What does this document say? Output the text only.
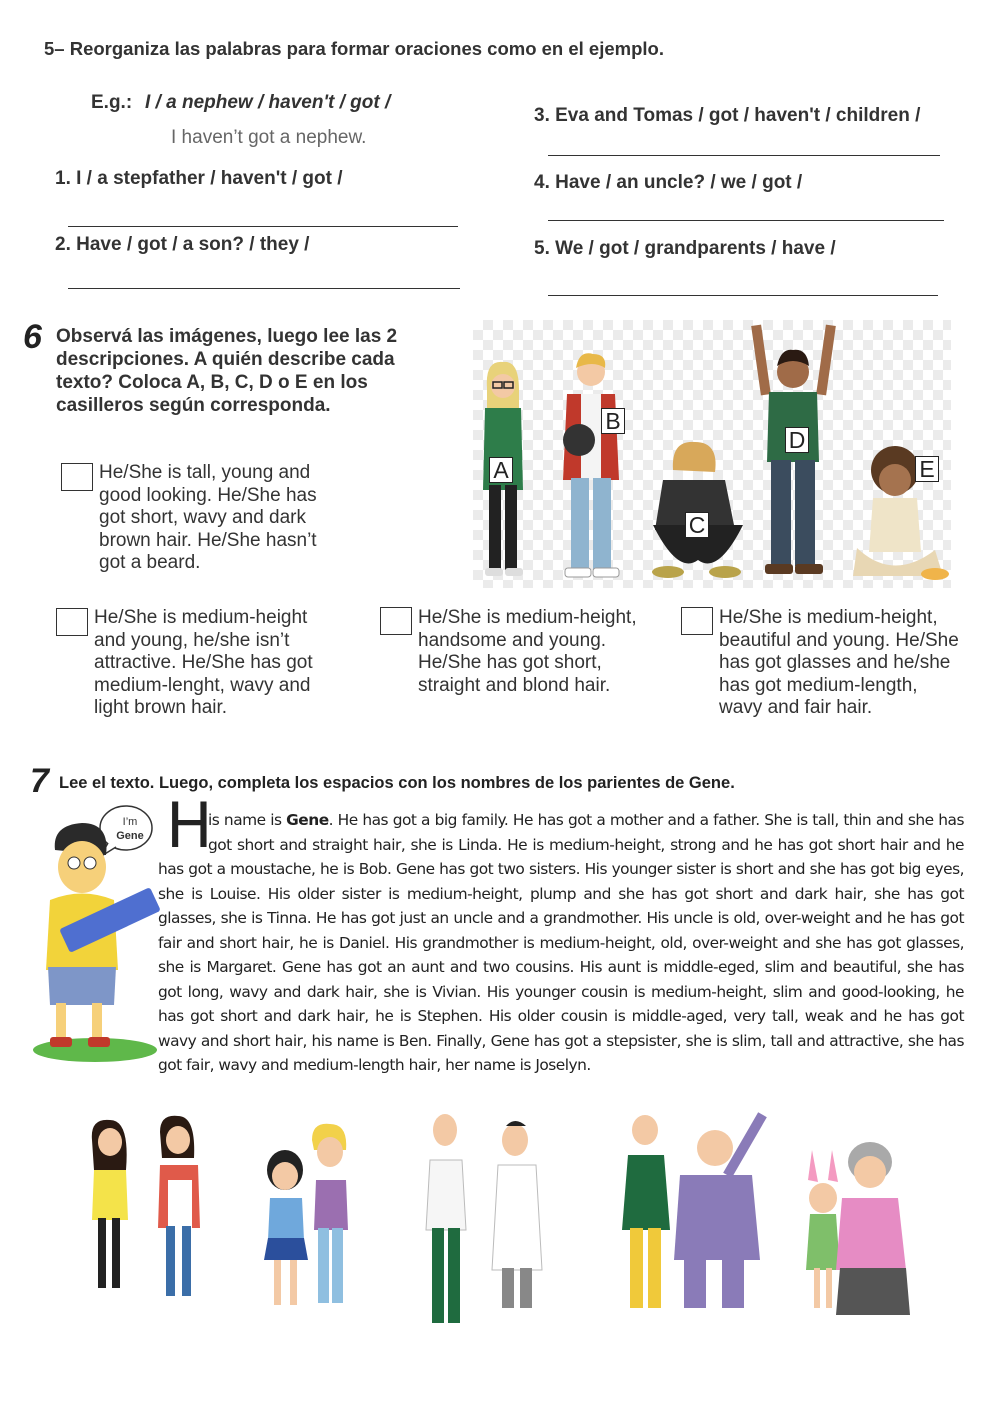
5– Reorganiza las palabras para formar oraciones como en el ejemplo.
E.g.: I / a nephew / haven't / got /
I haven’t got a nephew.
1. I / a stepfather / haven't / got /
2. Have / got / a son? / they /
3. Eva and Tomas / got / haven't / children /
4. Have / an uncle? / we / got /
5. We / got / grandparents / have /
6 Observá las imágenes, luego lee las 2 descripciones. A quién describe cada texto? Coloca A, B, C, D o E en los casilleros según corresponda.
A
B
C
D
E
He/She is tall, young and good looking. He/She has got short, wavy and dark brown hair. He/She hasn’t got a beard.
He/She is medium-height and young, he/she isn’t attractive. He/She has got medium-lenght, wavy and light brown hair.
He/She is medium-height, handsome and young. He/She has got short, straight and blond hair.
He/She is medium-height, beautiful and young. He/She has got glasses and he/she has got medium-length, wavy and fair hair.
7 Lee el texto. Luego, completa los espacios con los nombres de los parientes de Gene.
I’m
Gene H
is name is Gene. He has got a big family. He has got a mother and a father. She is tall, thin and she has got short and straight hair, she is Linda. He is medium-height, strong and he has got short hair and he has got a moustache, he is Bob. Gene has got two sisters. His younger sister is short and she has got big eyes, she is Louise. His older sister is medium-height, plump and she has got short and dark hair, she has got glasses, she is Tinna. He has got just an uncle and a grandmother. His uncle is old, over-weight and he has got fair and short hair, he is Daniel. His grandmother is medium-height, old, over-weight and she has got glasses, she is Margaret. Gene has got an aunt and two cousins. His aunt is middle-eged, slim and beautiful, she has got long, wavy and dark hair, she is Vivian. His younger cousin is medium-height, slim and good-looking, he has got short and dark hair, he is Stephen. His older cousin is middle-aged, very tall, weak and he has got wavy and short hair, his name is Ben. Finally, Gene has got a stepsister, she is slim, tall and attractive, she has got fair, wavy and medium-length hair, her name is Joselyn.
